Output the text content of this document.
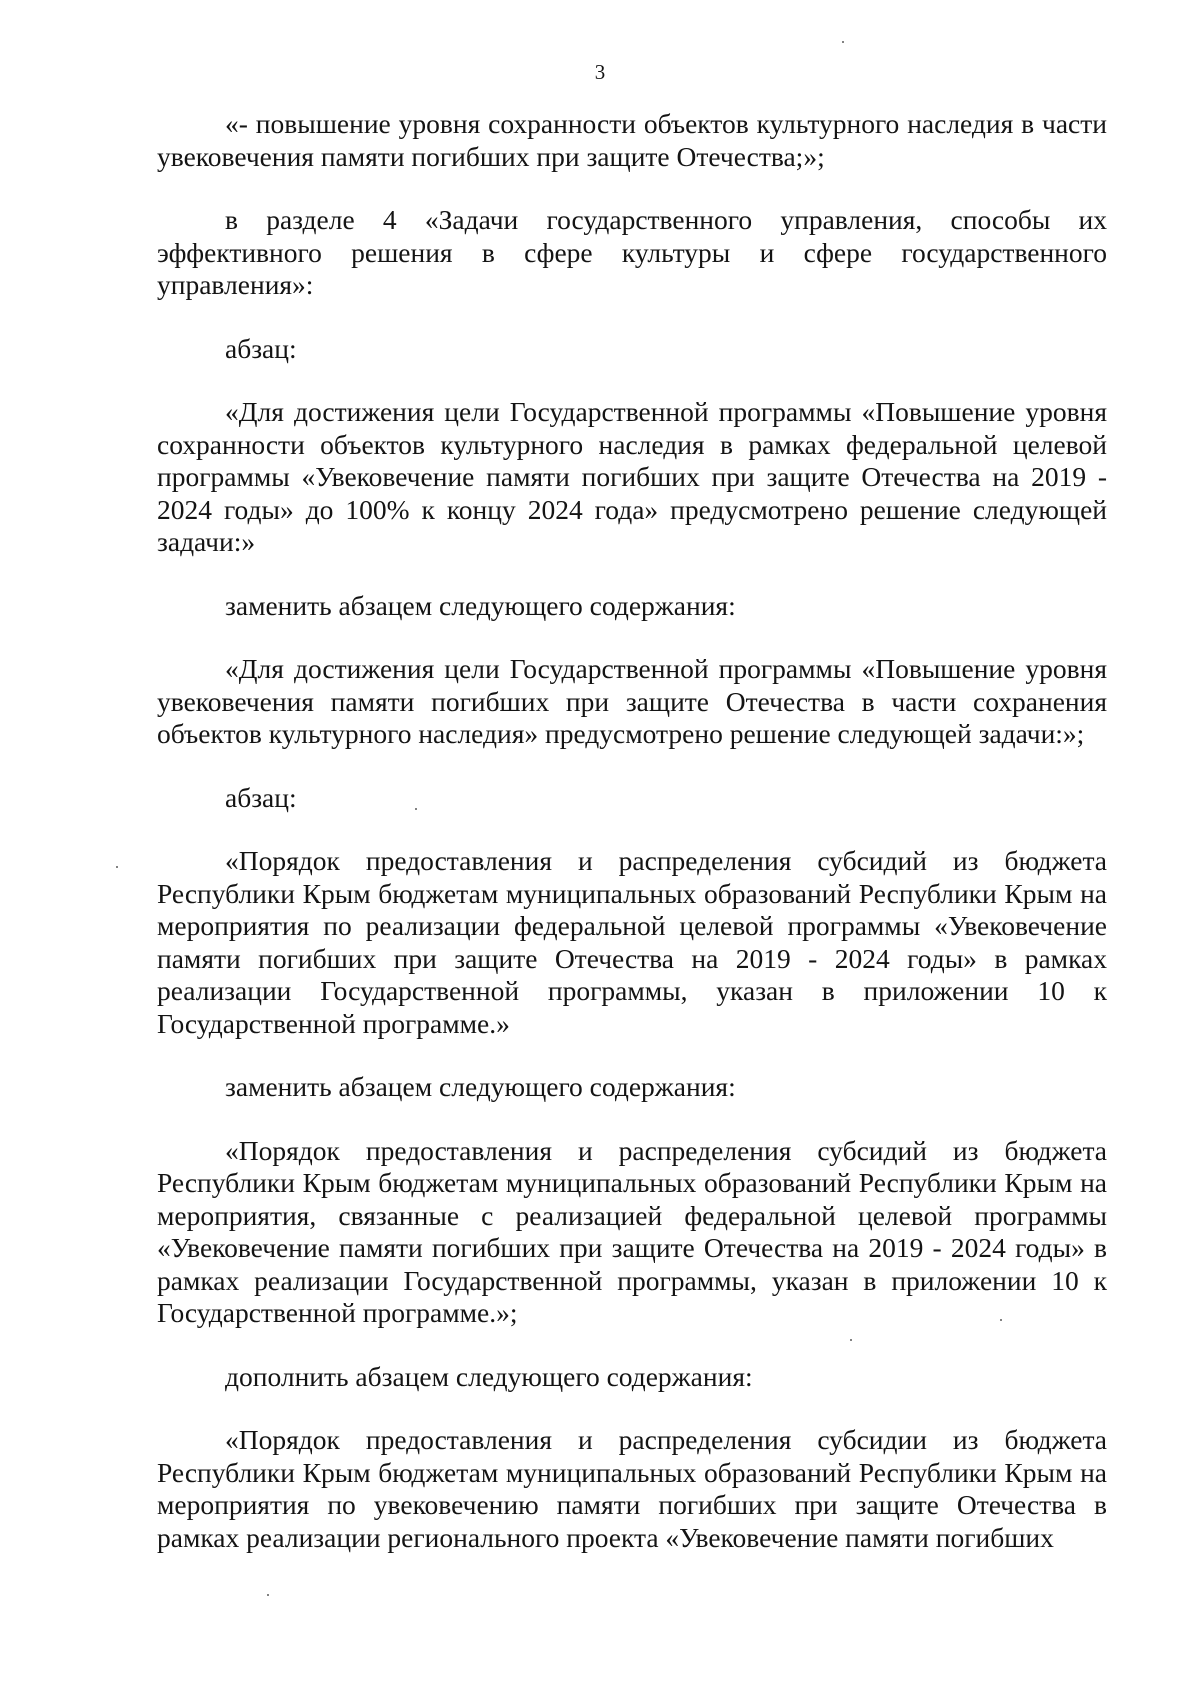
3

«- повышение уровня сохранности объектов культурного наследия в части увековечения памяти погибших при защите Отечества;»;

в разделе 4 «Задачи государственного управления, способы их эффективного решения в сфере культуры и сфере государственного управления»:

абзац:

«Для достижения цели Государственной программы «Повышение уровня сохранности объектов культурного наследия в рамках федеральной целевой программы «Увековечение памяти погибших при защите Отечества на 2019 - 2024 годы» до 100% к концу 2024 года» предусмотрено решение следующей задачи:»

заменить абзацем следующего содержания:

«Для достижения цели Государственной программы «Повышение уровня увековечения памяти погибших при защите Отечества в части сохранения объектов культурного наследия» предусмотрено решение следующей задачи:»;

абзац:

«Порядок предоставления и распределения субсидий из бюджета Республики Крым бюджетам муниципальных образований Республики Крым на мероприятия по реализации федеральной целевой программы «Увековечение памяти погибших при защите Отечества на 2019 - 2024 годы» в рамках реализации Государственной программы, указан в приложении 10 к Государственной программе.»

заменить абзацем следующего содержания:

«Порядок предоставления и распределения субсидий из бюджета Республики Крым бюджетам муниципальных образований Республики Крым на мероприятия, связанные с реализацией федеральной целевой программы «Увековечение памяти погибших при защите Отечества на 2019 - 2024 годы» в рамках реализации Государственной программы, указан в приложении 10 к Государственной программе.»;

дополнить абзацем следующего содержания:

«Порядок предоставления и распределения субсидии из бюджета Республики Крым бюджетам муниципальных образований Республики Крым на мероприятия по увековечению памяти погибших при защите Отечества в рамках реализации регионального проекта «Увековечение памяти погибших
